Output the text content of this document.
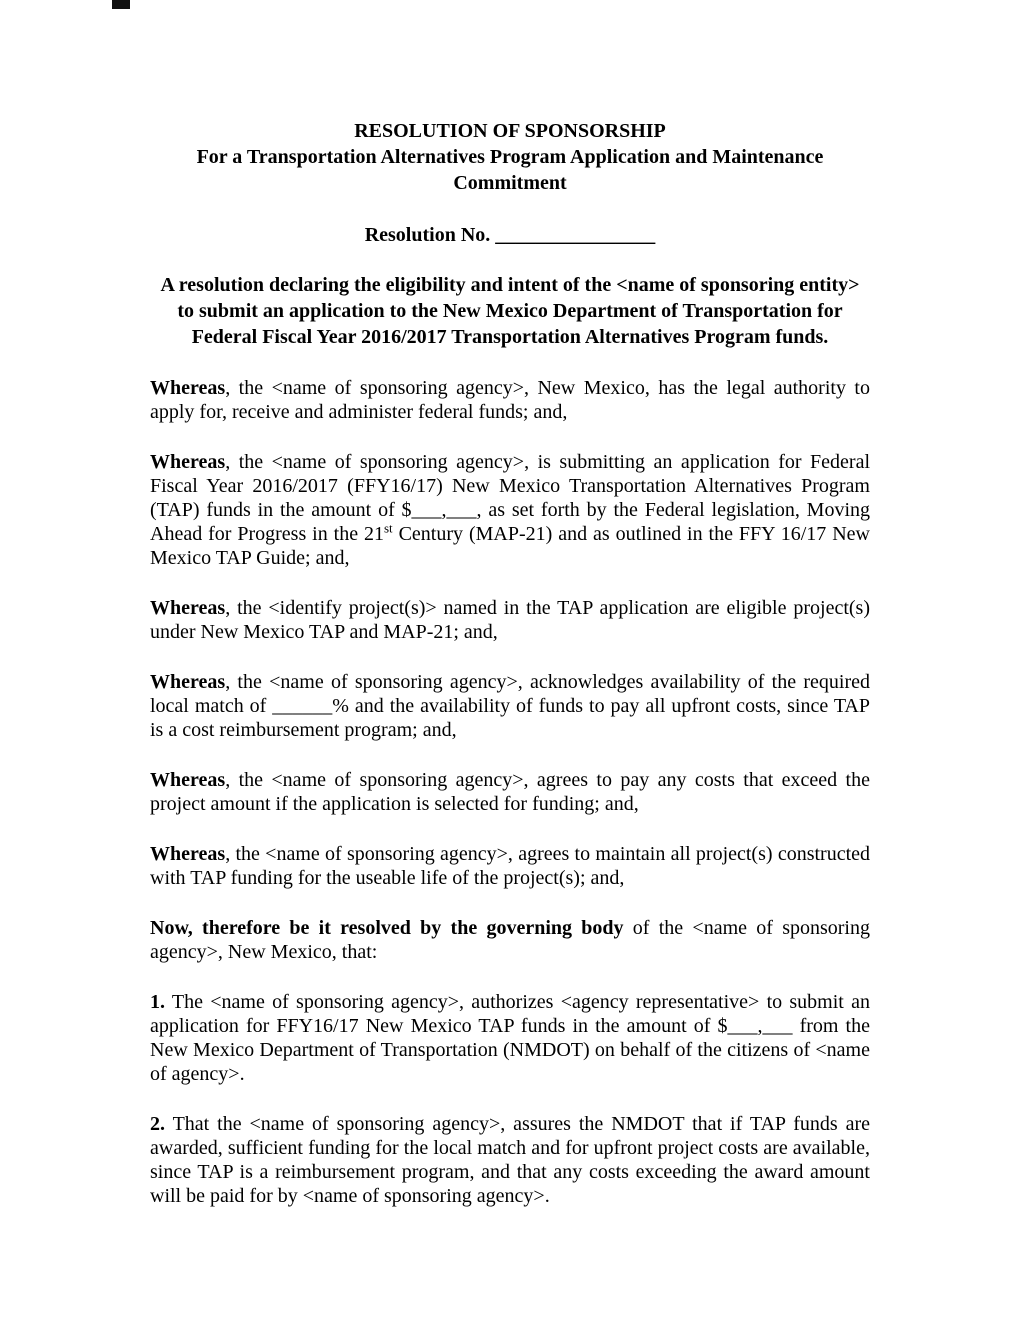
RESOLUTION OF SPONSORSHIP
For a Transportation Alternatives Program Application and Maintenance Commitment

Resolution No. ________________

A resolution declaring the eligibility and intent of the <name of sponsoring entity> to submit an application to the New Mexico Department of Transportation for Federal Fiscal Year 2016/2017 Transportation Alternatives Program funds.

Whereas, the <name of sponsoring agency>, New Mexico, has the legal authority to apply for, receive and administer federal funds; and,

Whereas, the <name of sponsoring agency>, is submitting an application for Federal Fiscal Year 2016/2017 (FFY16/17) New Mexico Transportation Alternatives Program (TAP) funds in the amount of $___,___, as set forth by the Federal legislation, Moving Ahead for Progress in the 21st Century (MAP-21) and as outlined in the FFY 16/17 New Mexico TAP Guide; and,

Whereas, the <identify project(s)> named in the TAP application are eligible project(s) under New Mexico TAP and MAP-21; and,

Whereas, the <name of sponsoring agency>, acknowledges availability of the required local match of ______% and the availability of funds to pay all upfront costs, since TAP is a cost reimbursement program; and,

Whereas, the <name of sponsoring agency>, agrees to pay any costs that exceed the project amount if the application is selected for funding; and,

Whereas, the <name of sponsoring agency>, agrees to maintain all project(s) constructed with TAP funding for the useable life of the project(s); and,

Now, therefore be it resolved by the governing body of the <name of sponsoring agency>, New Mexico, that:

1. The <name of sponsoring agency>, authorizes <agency representative> to submit an application for FFY16/17 New Mexico TAP funds in the amount of $___,___ from the New Mexico Department of Transportation (NMDOT) on behalf of the citizens of <name of agency>.

2. That the <name of sponsoring agency>, assures the NMDOT that if TAP funds are awarded, sufficient funding for the local match and for upfront project costs are available, since TAP is a reimbursement program, and that any costs exceeding the award amount will be paid for by <name of sponsoring agency>.
